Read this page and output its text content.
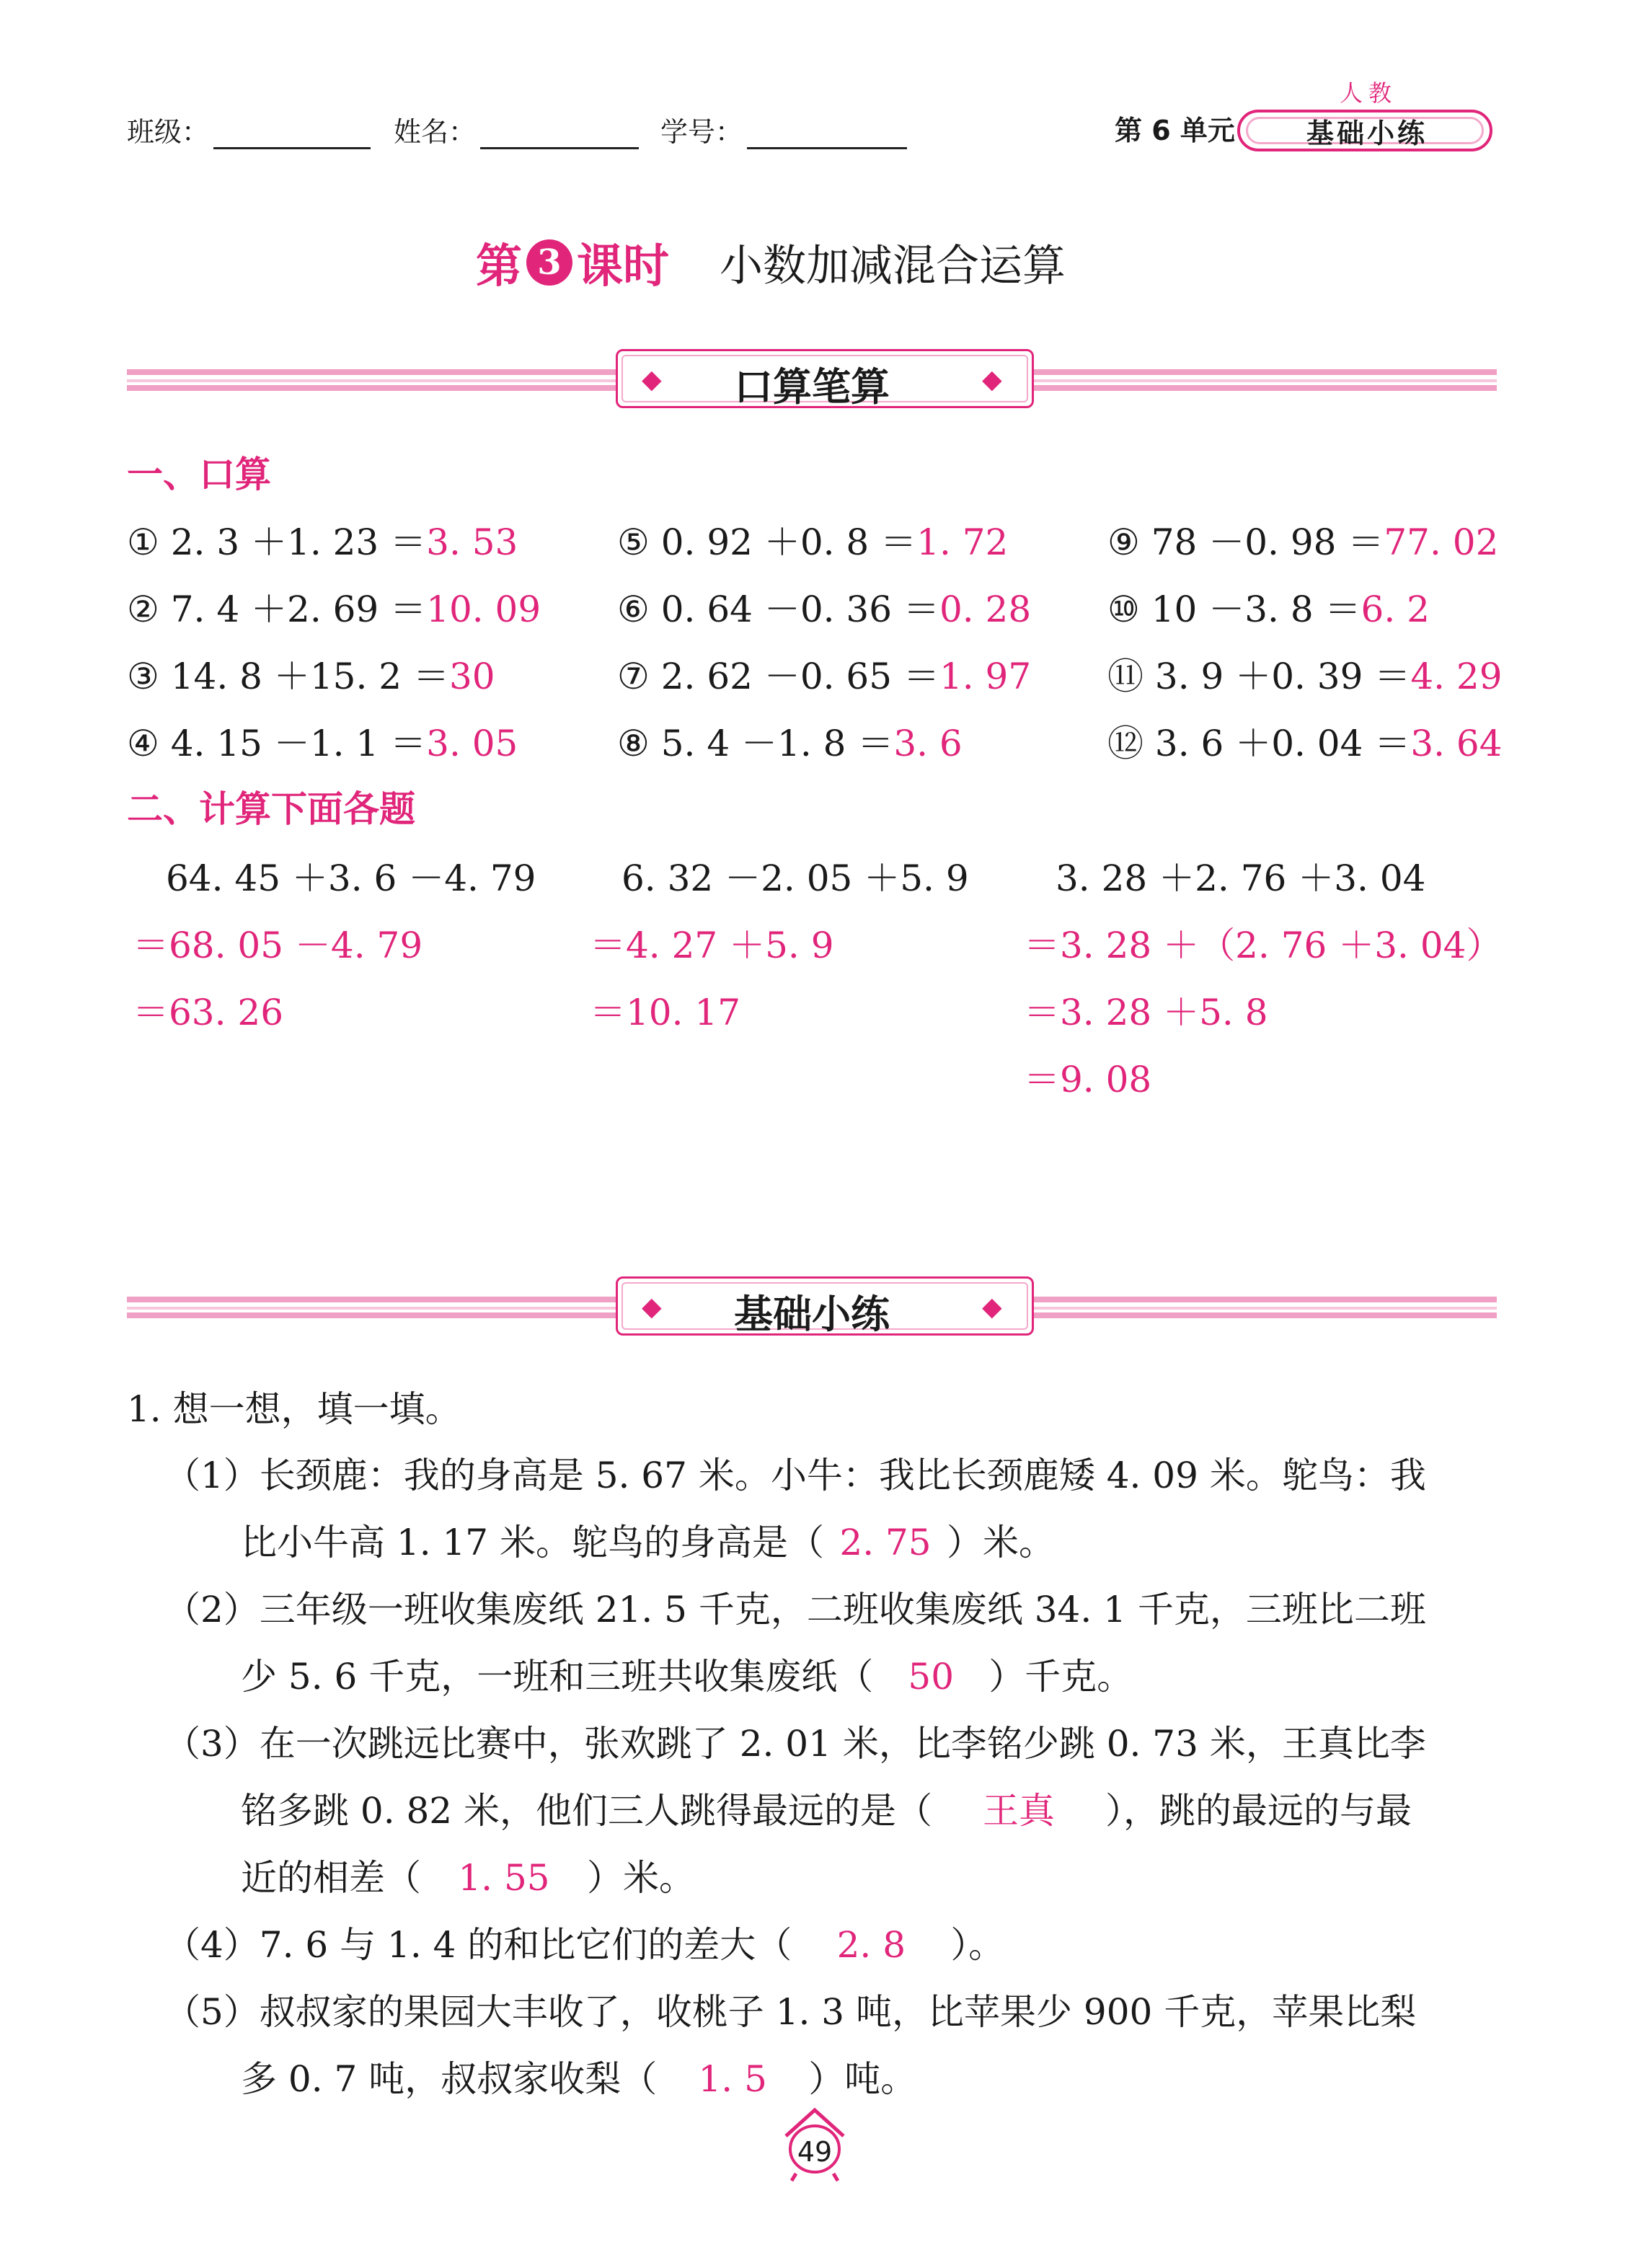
班级：	姓名：	学号：	第 6 单元
人教
基础小练
第 3 课时 小数加减混合运算
◆	◆
口算笔算
一、口算
① 2. 3 ＋1. 23 ＝3. 53	⑤ 0. 92 ＋0. 8 ＝1. 72	⑨ 78 －0. 98 ＝77. 02
② 7. 4 ＋2. 69 ＝10. 09 ⑥ 0. 64 －0. 36 ＝0. 28 ⑩ 10 －3. 8 ＝6. 2
③ 14. 8 ＋15. 2 ＝30	⑦ 2. 62 －0. 65 ＝1. 97 ⑪ 3. 9 ＋0. 39 ＝4. 29
④ 4. 15 －1. 1 ＝3. 05	⑧ 5. 4 －1. 8 ＝3. 6	⑫ 3. 6 ＋0. 04 ＝3. 64
二、计算下面各题
64. 45 ＋3. 6 －4. 79
＝68. 05 －4. 79
＝63. 26
6. 32 －2. 05 ＋5. 9
＝4. 27 ＋5. 9
＝10. 17
3. 28 ＋2. 76 ＋3. 04
＝3. 28 ＋（2. 76 ＋3. 04）
＝3. 28 ＋5. 8
＝9. 08
◆	◆
基础小练
1. 想一想，填一填。
（1）长颈鹿：我的身高是 5. 67 米。小牛：我比长颈鹿矮 4. 09 米。鸵鸟：我
比小牛高 1. 17 米。鸵鸟的身高是（ 2. 75 ）米。
（2）三年级一班收集废纸 21. 5 千克，二班收集废纸 34. 1 千克，三班比二班
少 5. 6 千克，一班和三班共收集废纸（ 50 ）千克。
（3）在一次跳远比赛中，张欢跳了 2. 01 米，比李铭少跳 0. 73 米，王真比李
铭多跳 0. 82 米，他们三人跳得最远的是（ 王真 ），跳的最远的与最
近的相差（ 1. 55 ）米。
（4）7. 6 与 1. 4 的和比它们的差大（ 2. 8 ）。
（5）叔叔家的果园大丰收了，收桃子 1. 3 吨，比苹果少 900 千克，苹果比梨
多 0. 7 吨，叔叔家收梨（ 1. 5 ）吨。
49
